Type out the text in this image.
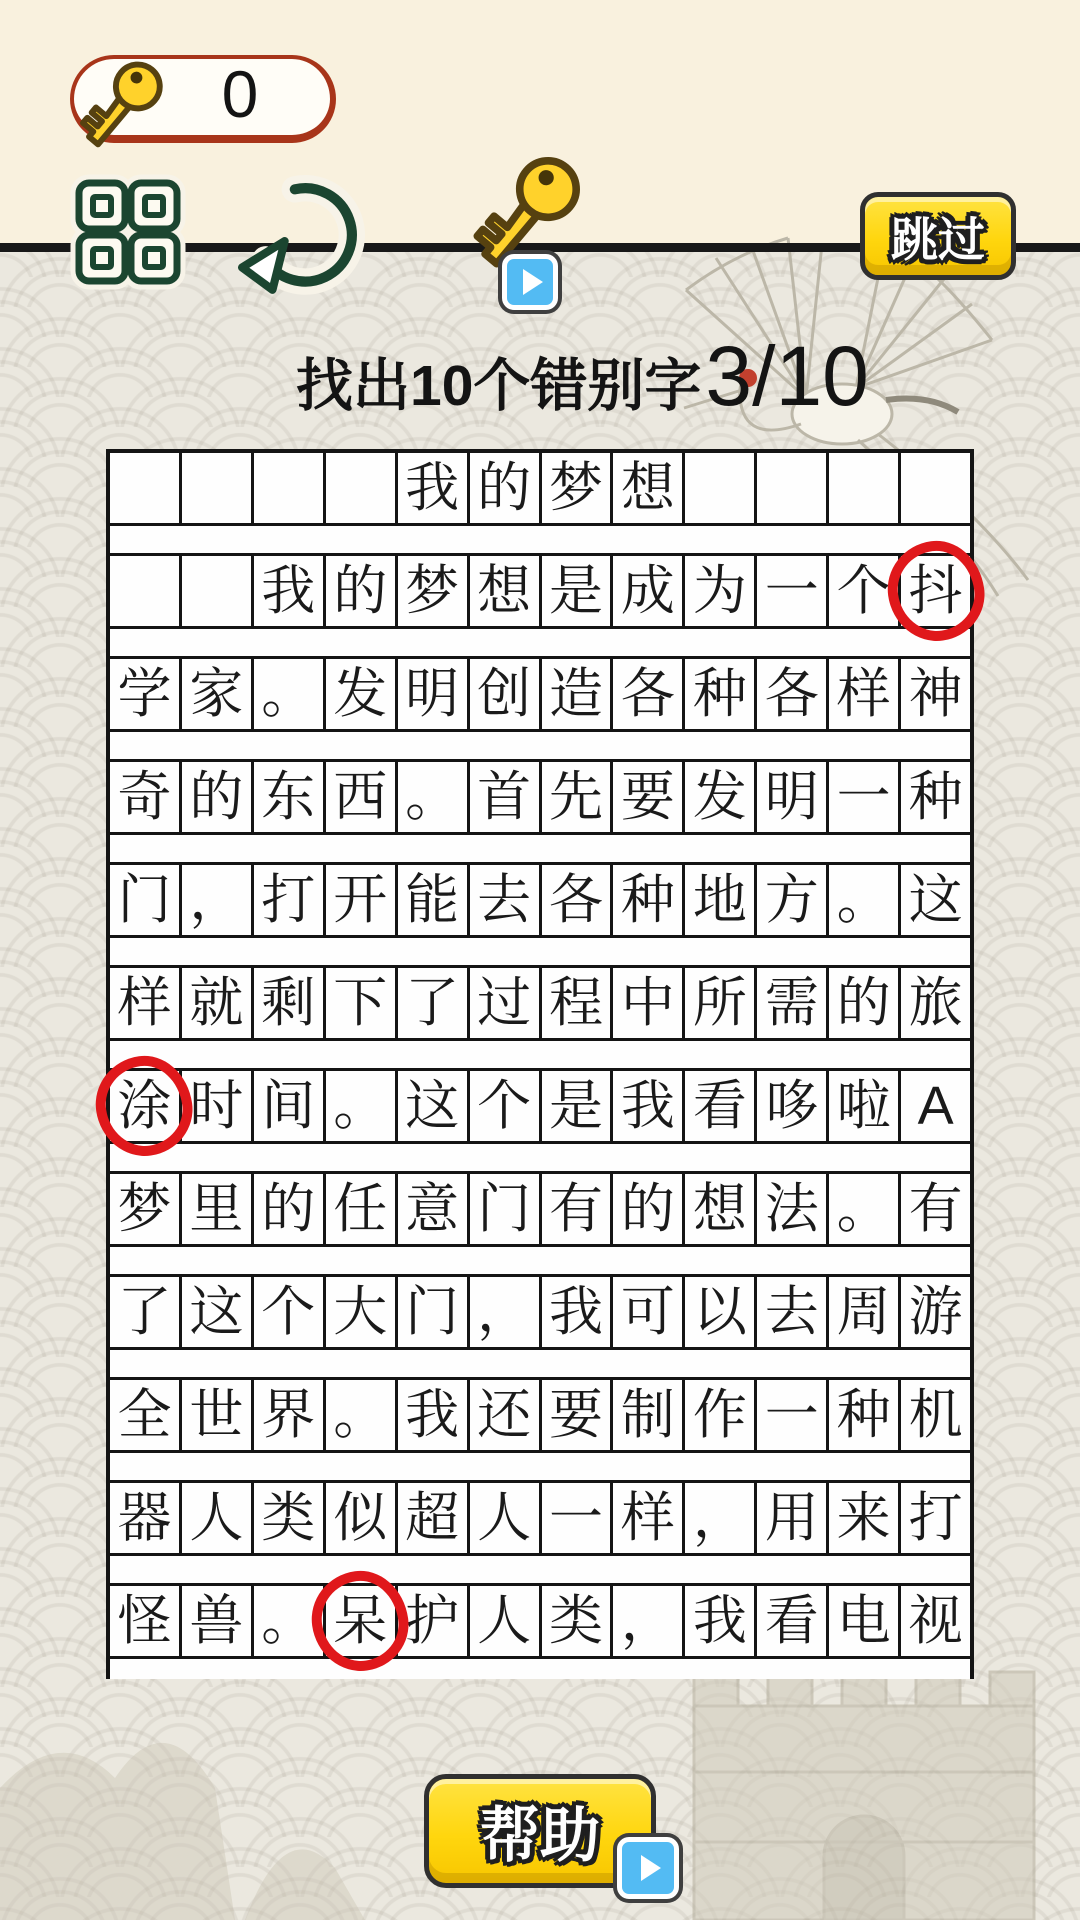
0
跳过
找出10个错别字 3/10
我 的 梦 想
我 的 梦 想 是 成 为 一 个 抖
学 家 。 发 明 创 造 各 种 各 样 神
奇 的 东 西 。 首 先 要 发 明 一 种
门 ， 打 开 能 去 各 种 地 方 。 这
样 就 剩 下 了 过 程 中 所 需 的 旅
涂 时 间 。 这 个 是 我 看 哆 啦 A
梦 里 的 任 意 门 有 的 想 法 。 有
了 这 个 大 门 ， 我 可 以 去 周 游
全 世 界 。 我 还 要 制 作 一 种 机
器 人 类 似 超 人 一 样 ， 用 来 打
怪 兽 。 呆 护 人 类 ， 我 看 电 视
帮助
